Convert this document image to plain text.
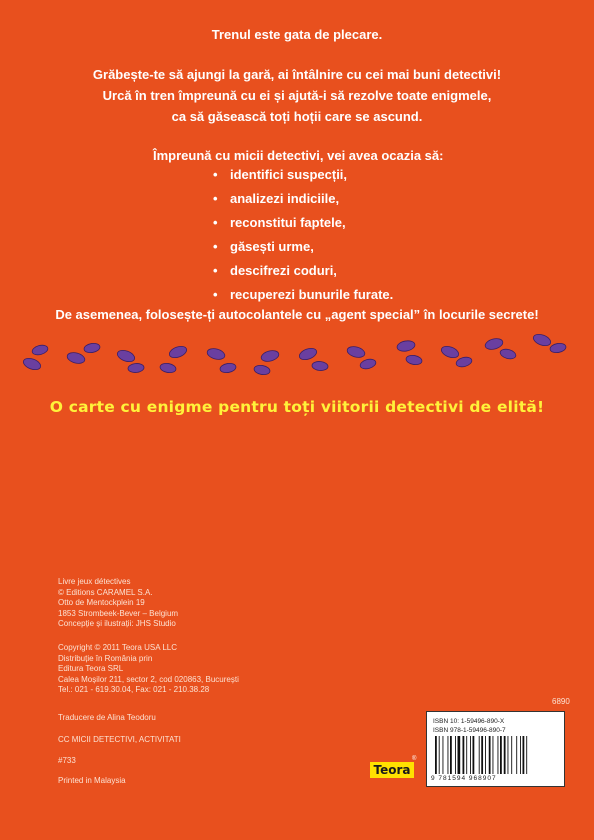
Trenul este gata de plecare.
Grăbește-te să ajungi la gară, ai întâlnire cu cei mai buni detectivi!
Urcă în tren împreună cu ei și ajută-i să rezolve toate enigmele,
ca să găsească toți hoții care se ascund.
Împreună cu micii detectivi, vei avea ocazia să:
• identifici suspecții,
• analizezi indiciile,
• reconstitui faptele,
• găsești urme,
• descifrezi coduri,
• recuperezi bunurile furate.
De asemenea, folosește-ți autocolantele cu „agent special” în locurile secrete!
O carte cu enigme pentru toți viitorii detectivi de elită!
Livre jeux détectives
© Editions CARAMEL S.A.
Otto de Mentockplein 19
1853 Strombeek-Bever – Belgium
Concepție și ilustrații: JHS Studio
Copyright © 2011 Teora USA LLC
Distribuție în România prin
Editura Teora SRL
Calea Moșilor 211, sector 2, cod 020863, București
Tel.: 021 - 619.30.04, Fax: 021 - 210.38.28
Traducere de Alina Teodoru
CC MICII DETECTIVI, ACTIVITATI
#733
Printed in Malaysia
6890
Teora
®
ISBN 10: 1-59496-890-X
ISBN 978-1-59496-890-7
9 781594 968907
